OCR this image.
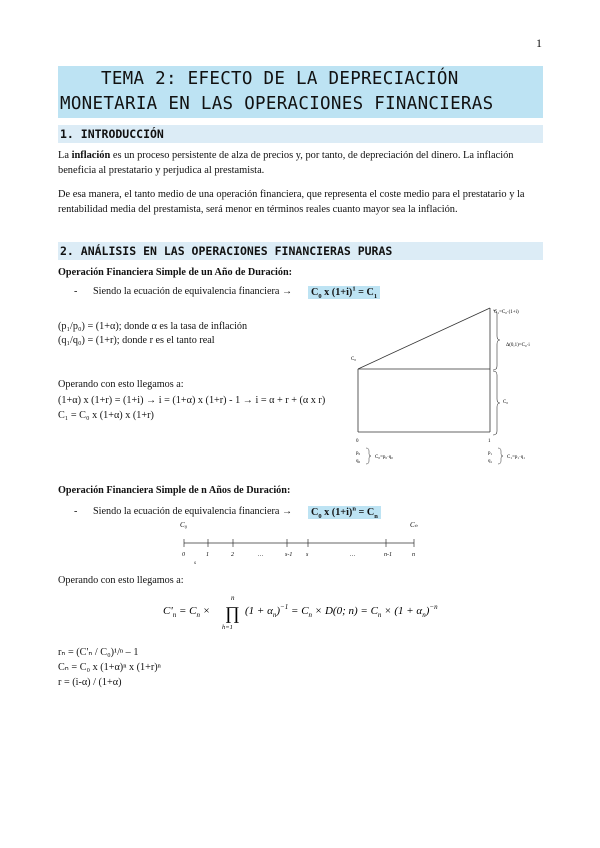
1
TEMA 2: EFECTO DE LA DEPRECIACIÓN
MONETARIA EN LAS OPERACIONES FINANCIERAS
1. INTRODUCCIÓN
La inflación es un proceso persistente de alza de precios y, por tanto, de depreciación del dinero. La inflación beneficia al prestatario y perjudica al prestamista.
De esa manera, el tanto medio de una operación financiera, que representa el coste medio para el prestatario y la rentabilidad media del prestamista, será menor en términos reales cuanto mayor sea la inflación.
2. ANÁLISIS EN LAS OPERACIONES FINANCIERAS PURAS
Operación Financiera Simple de un Año de Duración:
-	Siendo la ecuación de equivalencia financiera →	$C_0$ x $(1+i)^1 = C_1$
(p₁/p₀) = (1+α); donde α es la tasa de inflación
(q₁/q₀) = (1+r); donde r es el tanto real
Operando con esto llegamos a:
(1+α) x (1+r) = (1+i) → i = (1+α) x (1+r) - 1 → i = α + r + (α x r)
C₁ = C₀ x (1+α) x (1+r)
C₁=C₀·(1+i)
Δ(0,1)=C₀·i
C₀
C₀
0	1
p₀
q₀
C₀=p₀·q₀
p₁
q₁
C₁=p₁·q₁
Operación Financiera Simple de n Años de Duración:
-	Siendo la ecuación de equivalencia financiera →	$C_0$ x $(1+i)^n = C_n$
C₀	Cₙ
0	1	2	…	s-1 s	…	n-1	n
s
Operando con esto llegamos a:
$C'_n = C_n$ ×
n
∏
h=1
$(1 + \alpha_n)^{-1} = C_n \times D(0$; $n) = C_n \times (1 + \alpha_n)^{-n}$
rₙ = (C'ₙ / C₀)¹/ⁿ – 1
Cₙ = C₀ x (1+α)ⁿ x (1+r)ⁿ
r = (i-α) / (1+α)
